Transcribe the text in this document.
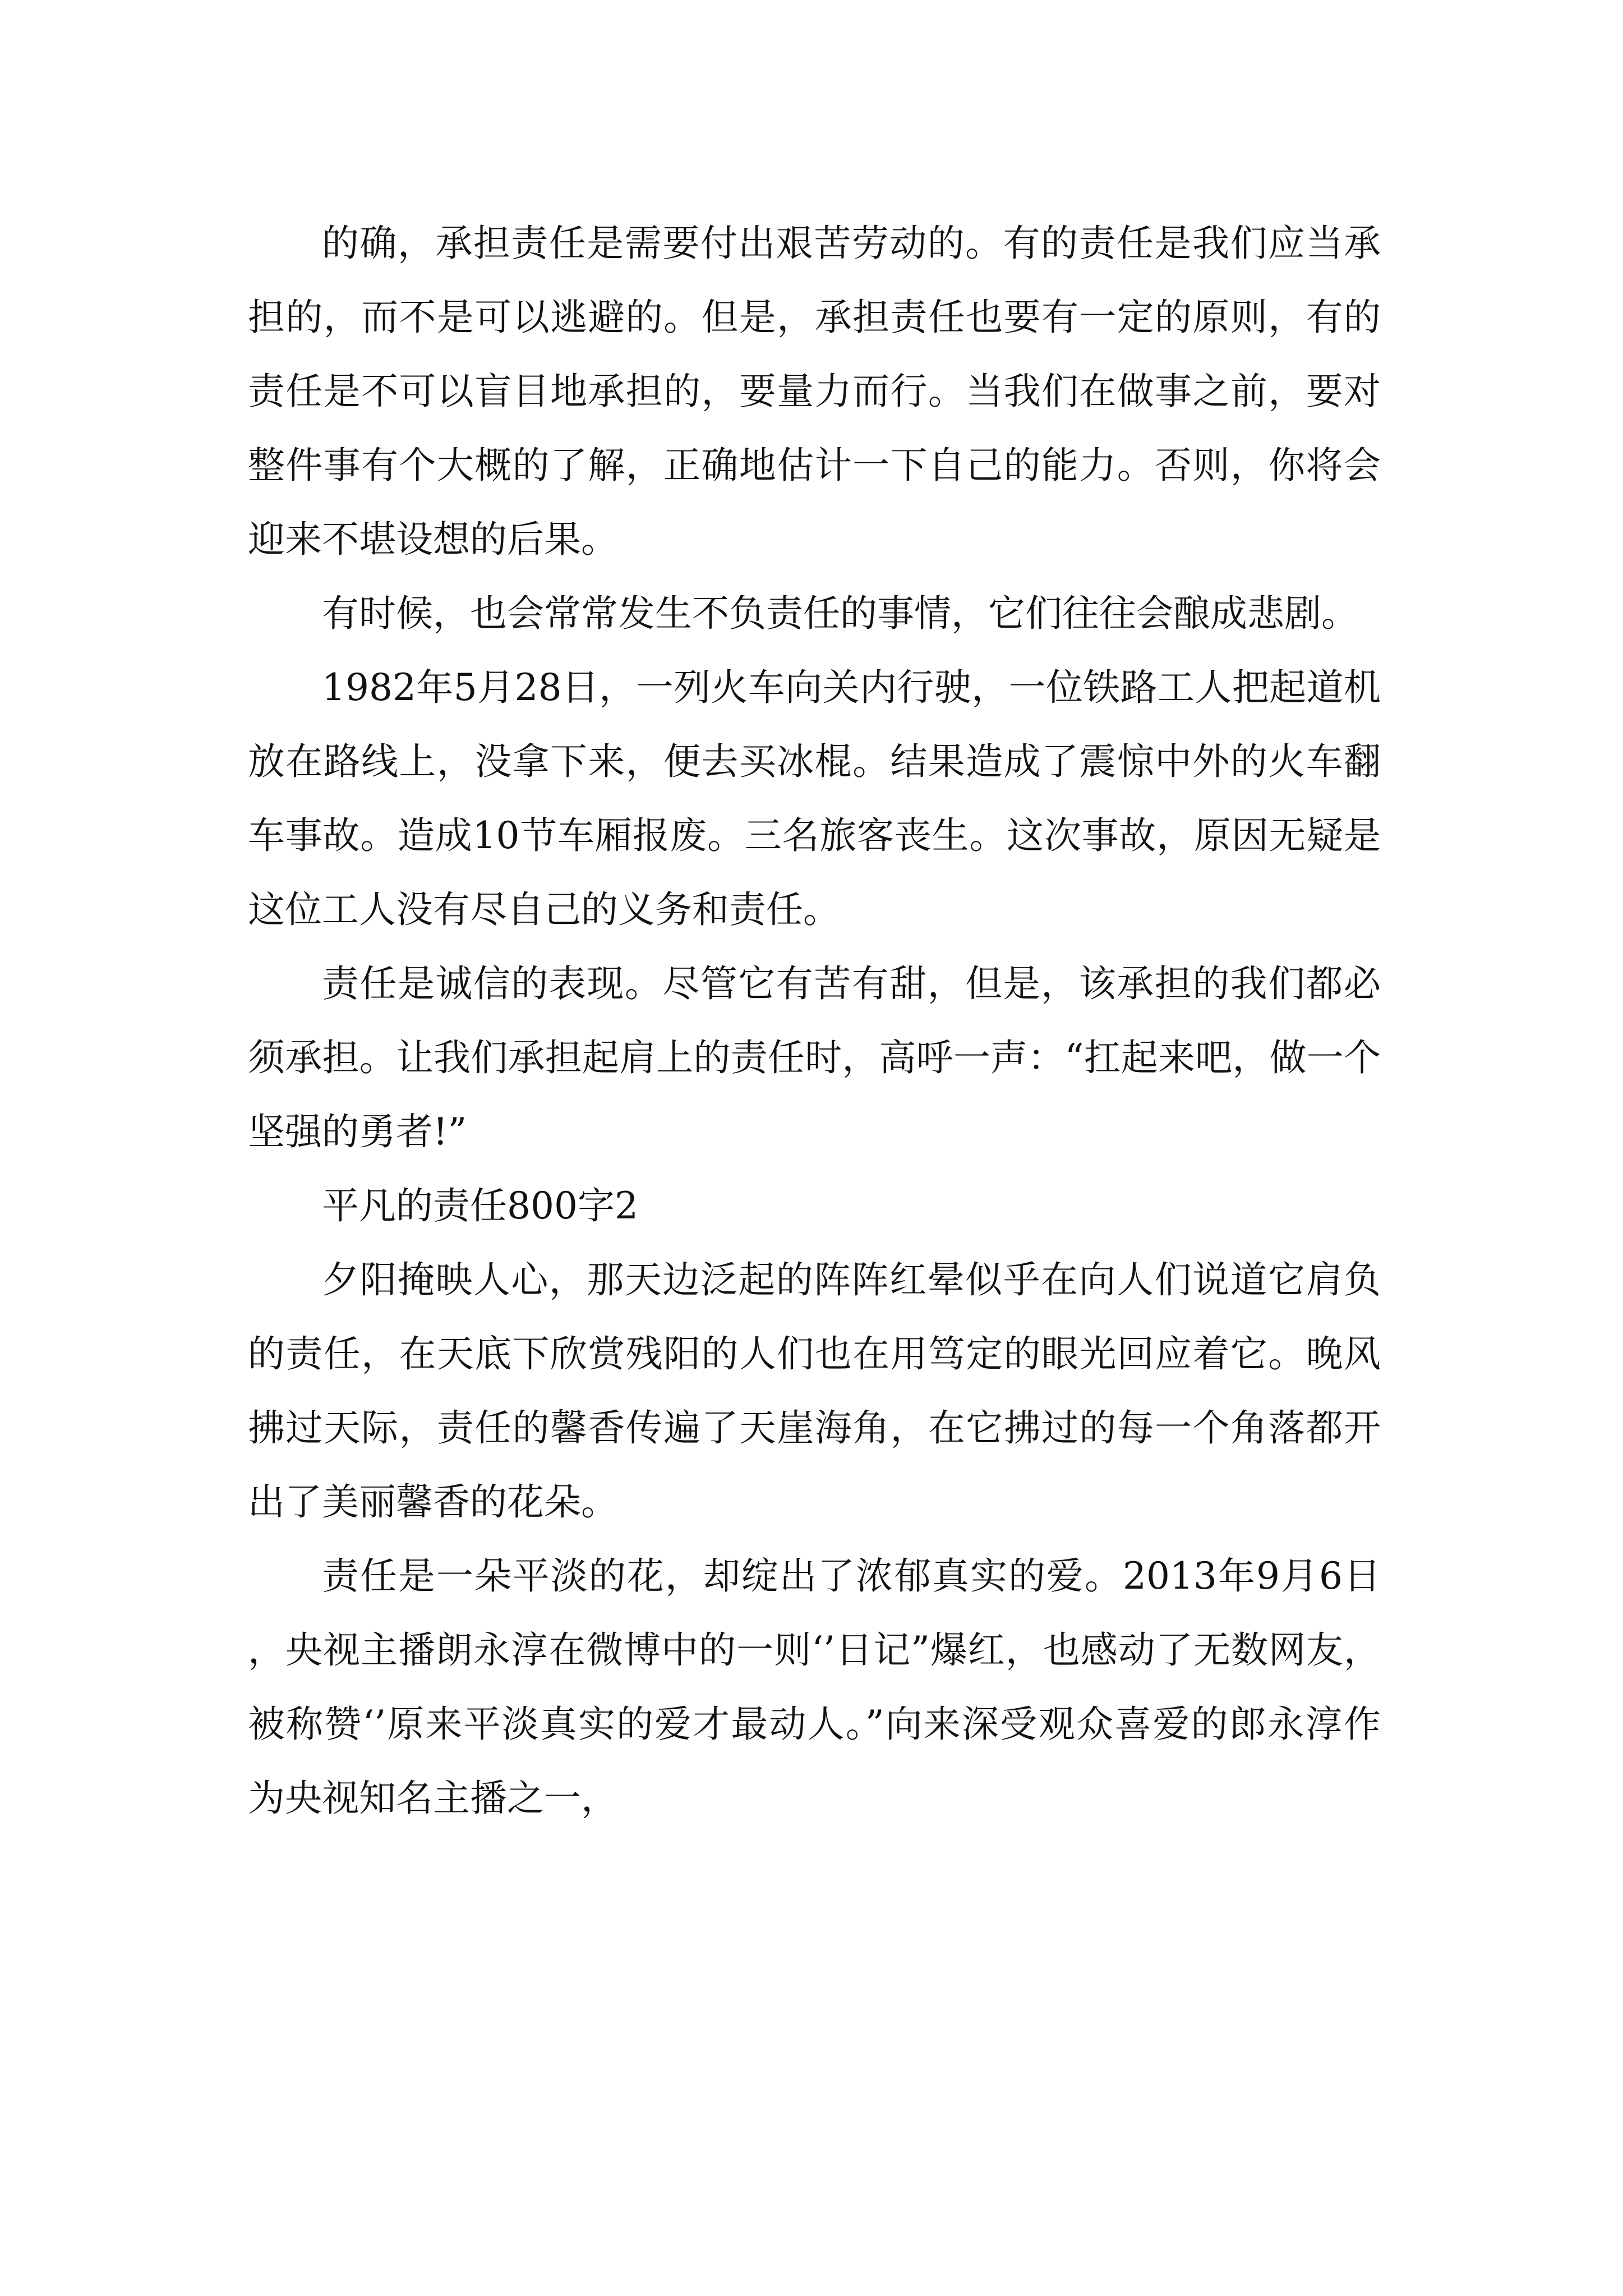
的确，承担责任是需要付出艰苦劳动的。有的责任是我们应当承担的，而不是可以逃避的。但是，承担责任也要有一定的原则，有的责任是不可以盲目地承担的，要量力而行。当我们在做事之前，要对整件事有个大概的了解，正确地估计一下自己的能力。否则，你将会迎来不堪设想的后果。

有时候，也会常常发生不负责任的事情，它们往往会酿成悲剧。

1982年5月28日，一列火车向关内行驶，一位铁路工人把起道机放在路线上，没拿下来，便去买冰棍。结果造成了震惊中外的火车翻车事故。造成10节车厢报废。三名旅客丧生。这次事故，原因无疑是这位工人没有尽自己的义务和责任。

责任是诚信的表现。尽管它有苦有甜，但是，该承担的我们都必须承担。让我们承担起肩上的责任时，高呼一声：“扛起来吧，做一个坚强的勇者!”

平凡的责任800字2

夕阳掩映人心，那天边泛起的阵阵红晕似乎在向人们说道它肩负的责任，在天底下欣赏残阳的人们也在用笃定的眼光回应着它。晚风拂过天际，责任的馨香传遍了天崖海角，在它拂过的每一个角落都开出了美丽馨香的花朵。

责任是一朵平淡的花，却绽出了浓郁真实的爱。2013年9月6日，央视主播朗永淳在微博中的一则‘’日记”爆红，也感动了无数网友，被称赞‘’原来平淡真实的爱才最动人。”向来深受观众喜爱的郎永淳作为央视知名主播之一，
